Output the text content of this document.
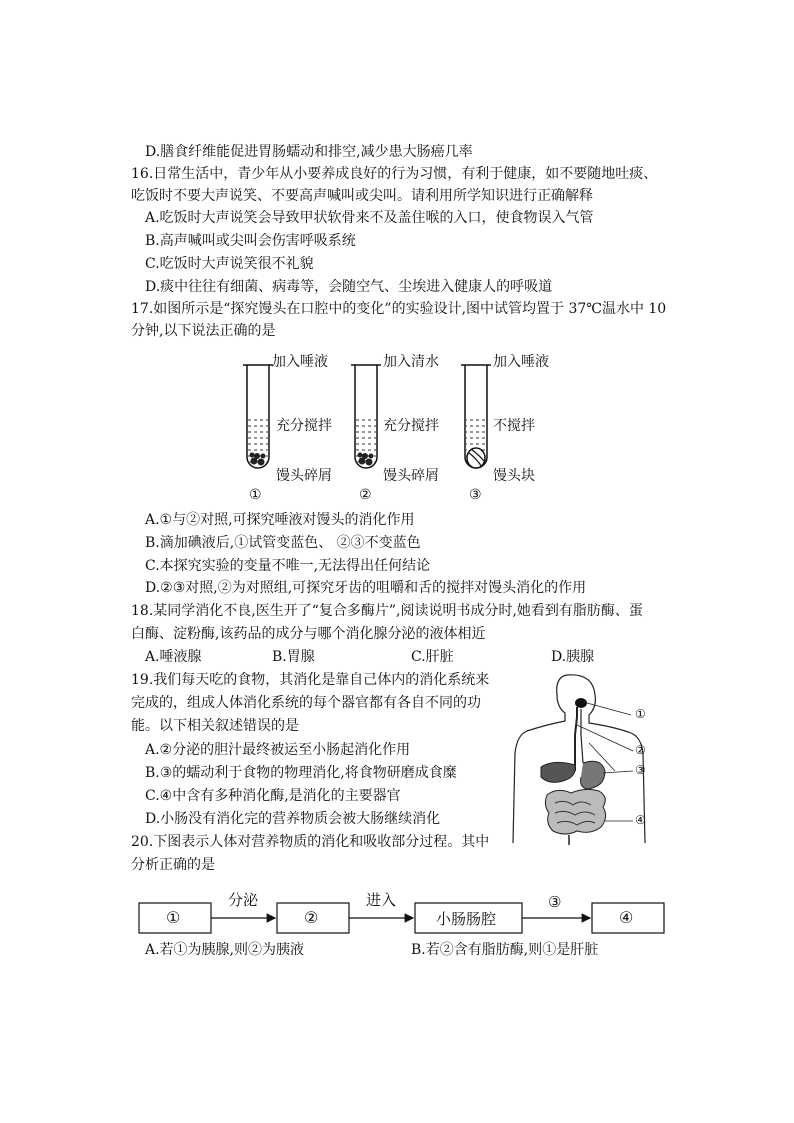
D.膳食纤维能促进胃肠蠕动和排空,减少患大肠癌几率
16.日常生活中，青少年从小要养成良好的行为习惯，有利于健康，如不要随地吐痰、
吃饭时不要大声说笑、不要高声喊叫或尖叫。请利用所学知识进行正确解释
A.吃饭时大声说笑会导致甲状软骨来不及盖住喉的入口，使食物误入气管
B.高声喊叫或尖叫会伤害呼吸系统
C.吃饭时大声说笑很不礼貌
D.痰中往往有细菌、病毒等，会随空气、尘埃进入健康人的呼吸道
17.如图所示是“探究馒头在口腔中的变化”的实验设计,图中试管均置于 37℃温水中 10
分钟,以下说法正确的是
加入唾液
充分搅拌
馒头碎屑
①
加入清水
充分搅拌
馒头碎屑
②
加入唾液
不搅拌
馒头块
③
A.①与②对照,可探究唾液对馒头的消化作用
B.滴加碘液后,①试管变蓝色、 ②③不变蓝色
C.本探究实验的变量不唯一,无法得出任何结论
D.②③对照,②为对照组,可探究牙齿的咀嚼和舌的搅拌对馒头消化的作用
18.某同学消化不良,医生开了“复合多酶片”,阅读说明书成分时,她看到有脂肪酶、蛋
白酶、淀粉酶,该药品的成分与哪个消化腺分泌的液体相近
A.唾液腺	B.胃腺	C.肝脏	D.胰腺
19.我们每天吃的食物，其消化是靠自己体内的消化系统来
完成的，组成人体消化系统的每个器官都有各自不同的功
能。以下相关叙述错误的是
A.②分泌的胆汁最终被运至小肠起消化作用
B.③的蠕动利于食物的物理消化,将食物研磨成食糜
C.④中含有多种消化酶,是消化的主要器官
D.小肠没有消化完的营养物质会被大肠继续消化
①
②
③
④
20.下图表示人体对营养物质的消化和吸收部分过程。其中
分析正确的是
①	②	小肠肠腔	④
分泌	进入	③
A.若①为胰腺,则②为胰液	B.若②含有脂肪酶,则①是肝脏
